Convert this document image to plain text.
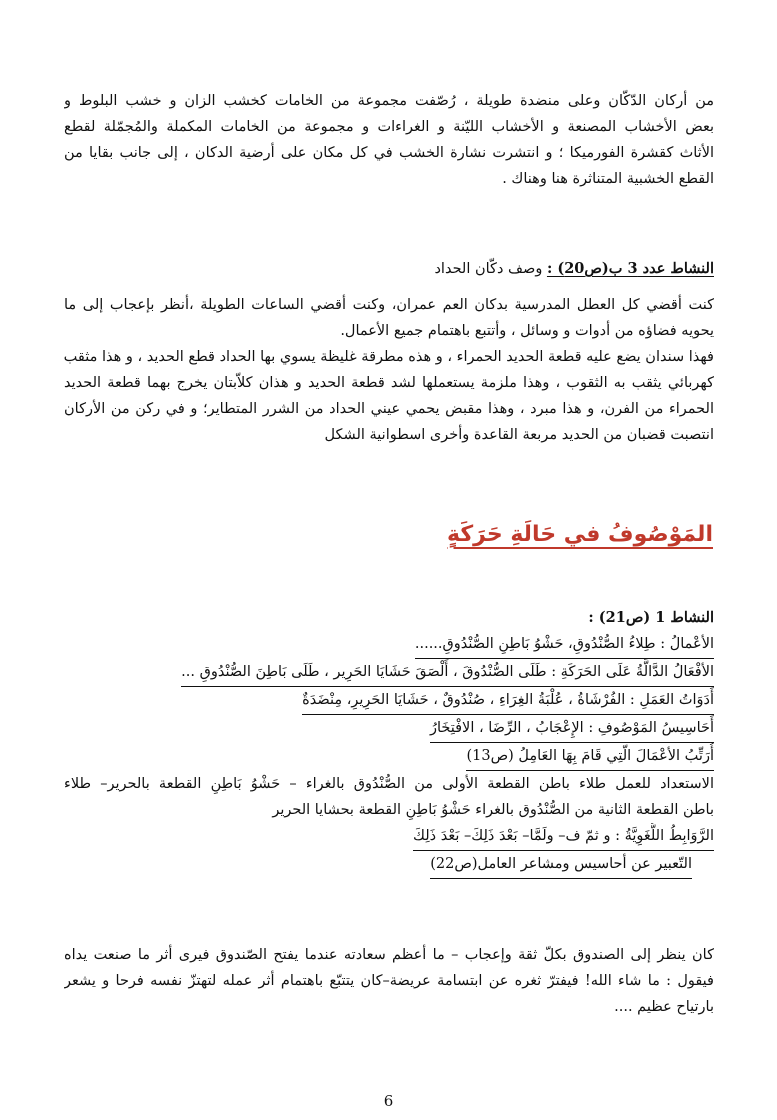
من أركان الدّكّان وعلى منضدة طويلة ، رُصّفت مجموعة من الخامات كخشب الزان و خشب البلوط و
بعض الأخشاب المصنعة و الأخشاب الليّنة و الغراءات و مجموعة من الخامات المكملة والمُجمّلة لقطع
الأثاث كقشرة الفورميكا ؛ و انتشرت نشارة الخشب في كل مكان على أرضية الدكان ، إلى جانب بقايا من
القطع الخشبية المتناثرة هنا وهناك .
النشاط عدد 3 ب(ص20) : وصف دكّان الحداد
كنت أقضي كل العطل المدرسية بدكان العم عمران، وكنت أقضي الساعات الطويلة ،أنظر بإعجاب إلى ما
يحويه فضاؤه من أدوات و وسائل ، وأتتبع باهتمام جميع الأعمال.
فهذا سندان يضع عليه قطعة الحديد الحمراء ، و هذه مطرقة غليظة يسوي بها الحداد قطع الحديد ، و هذا مثقب
كهربائي يثقب به الثقوب ، وهذا ملزمة يستعملها لشد قطعة الحديد و هذان كلاّبتان يخرج بهما قطعة الحديد
الحمراء من الفرن، و هذا مبرد ، وهذا مقبض يحمي عيني الحداد من الشرر المتطاير؛ و في ركن من الأركان
انتصبت قضبان من الحديد مربعة القاعدة وأخرى اسطوانية الشكل
المَوْصُوفُ في حَالَةِ حَرَكَةٍ
النشاط 1 (ص21) :
الأعْمالُ : طِلاءُ الصُّنْدُوقِ، حَشْوُ بَاطِنِ الصُّنْدُوقِ......
الأفْعَالُ الدَّالَّةُ عَلَى الحَرَكَةِ : طَلَى الصُّنْدُوقَ ، أَلْصَقَ حَشَايَا الحَرِير ، طَلَى بَاطِنَ الصُّنْدُوقِ ...
أَدَوَاتُ العَمَلِ : الفُرْشَاةُ ، عُلْبَةُ الغِرَاءِ ، صُنْدُوقٌ ، حَشَايَا الحَرِيرِ، مِنْضَدَةٌ
أَحَاسِيسُ المَوْصُوفِ : الإِعْجَابُ ، الرِّضَا ، الافْتِخَارُ
أُرَتِّبُ الأعْمَالَ الّتِي قَامَ بِهَا العَامِلُ (ص13)
الاستعداد للعمل طلاء باطن القطعة الأولى من الصُّنْدُوق بالغراء – حَشْوُ بَاطِنِ القطعة بالحرير– طلاء
باطن القطعة الثانية من الصُّنْدُوق بالغراء حَشْوُ بَاطِنِ القطعة بحشايا الحرير
الرَّوَابِطُ اللُّغَوِيَّةُ : و ثمّ ف– ولَمَّا– بَعْدَ ذَلِكَ– بَعْدَ ذَلِكَ
التّعبير عن أحاسيس ومشاعر العامل(ص22)
كان ينظر إلى الصندوق بكلّ ثقة وإعجاب – ما أعظم سعادته عندما يفتح الصّندوق فيرى أثر ما صنعت يداه
فيقول : ما شاء الله! فيفترّ ثغره عن ابتسامة عريضة–كان يتتبّع باهتمام أثر عمله لتهتزّ نفسه فرحا و يشعر
بارتياح عظيم ....
6
